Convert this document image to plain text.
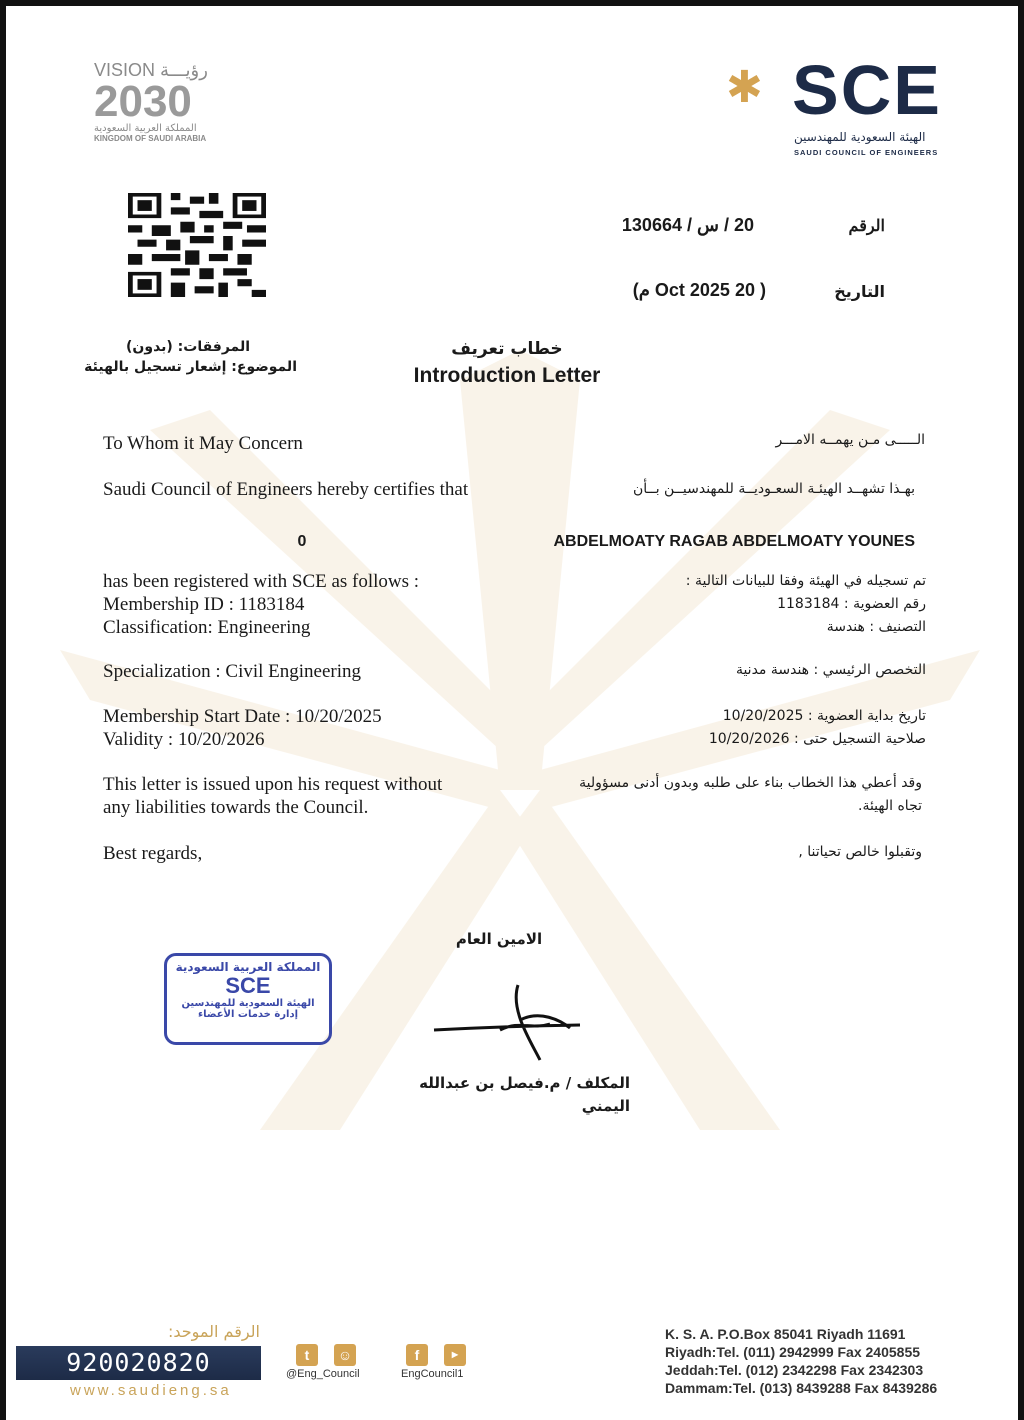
VISION رؤيـــة
2030
المملكة العربية السعودية
KINGDOM OF SAUDI ARABIA
✱ SCE
الهيئة السعودية للمهندسين
SAUDI COUNCIL OF ENGINEERS
الرقم
20 / س / 130664
التاريخ
( 20 Oct 2025 م)
المرفقات: (بدون)
الموضوع: إشعار تسجيل بالهيئة
خطاب تعريف
Introduction Letter
To Whom it May Concern	الـــــى مـن يهمــه الامـــر
Saudi Council of Engineers hereby certifies that	بهـذا تشهــد الهيئـة السعـوديــة للمهندسيــن بــأن
0	ABDELMOATY RAGAB ABDELMOATY YOUNES
has been registered with SCE as follows :
Membership ID : 1183184
Classification: Engineering
تم تسجيله في الهيئة وفقا للبيانات التالية :
رقم العضوية : 1183184
التصنيف : هندسة
Specialization : Civil Engineering	التخصص الرئيسي : هندسة مدنية
Membership Start Date : 10/20/2025
Validity : 10/20/2026
تاريخ بداية العضوية : 10/20/2025
صلاحية التسجيل حتى : 10/20/2026
This letter is issued upon his request without
any liabilities towards the Council.
وقد أعطي هذا الخطاب بناء على طلبه وبدون أدنى مسؤولية
تجاه الهيئة.
Best regards,	وتقبلوا خالص تحياتنا ,
الامين العام
المملكة العربية السعودية
SCE
الهيئة السعودية للمهندسين
إدارة خدمات الأعضاء
المكلف / م.فيصل بن عبدالله اليمني
الرقم الموحد:
920020820
www.saudieng.sa
t	☺
@Eng_Council
f	▶
EngCouncil1
K. S. A. P.O.Box 85041 Riyadh 11691
Riyadh:Tel. (011) 2942999 Fax 2405855
Jeddah:Tel. (012) 2342298 Fax 2342303
Dammam:Tel. (013) 8439288 Fax 8439286
